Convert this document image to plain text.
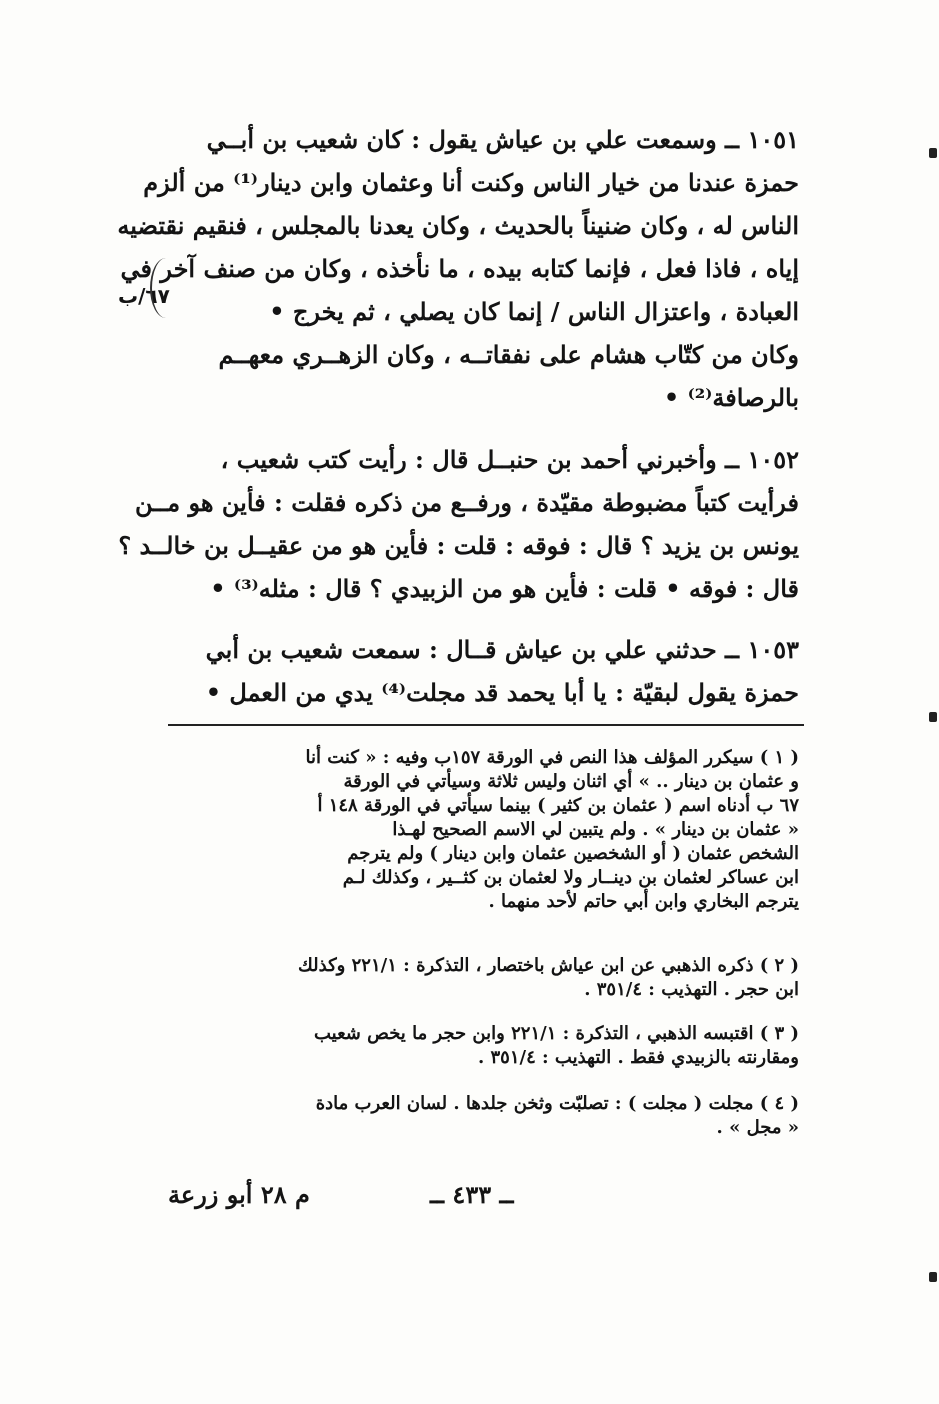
١٠٥١ ــ وسمعت علي بن عياش يقول : كان شعيب بن أبــي
حمزة عندنا من خيار الناس وكنت أنا وعثمان وابن دينار⁽¹⁾ من ألزم
الناس له ، وكان ضنيناً بالحديث ، وكان يعدنا بالمجلس ، فنقيم نقتضيه
إياه ، فاذا فعل ، فإنما كتابه بيده ، ما نأخذه ، وكان من صنف آخر في
العبادة ، واعتزال الناس / إنما كان يصلي ، ثم يخرج •
وكان من كتّاب هشام على نفقاتــه ، وكان الزهــري معهــم
بالرصافة⁽²⁾ •
٦٧/ب
١٠٥٢ ــ وأخبرني أحمد بن حنبــل قال : رأيت كتب شعيب ،
فرأيت كتباً مضبوطة مقيّدة ، ورفــع من ذكره فقلت : فأين هو مــن
يونس بن يزيد ؟ قال : فوقه : قلت : فأين هو من عقيــل بن خالــد ؟
قال : فوقه • قلت : فأين هو من الزبيدي ؟ قال : مثله⁽³⁾ •
١٠٥٣ ــ حدثني علي بن عياش قــال : سمعت شعيب بن أبي
حمزة يقول لبقيّة : يا أبا يحمد قد مجلت⁽⁴⁾ يدي من العمل •
( ١ ) سيكرر المؤلف هذا النص في الورقة ١٥٧ب وفيه : « كنت أنا
و عثمان بن دينار .. » أي اثنان وليس ثلاثة وسيأتي في الورقة
٦٧ ب أدناه اسم ( عثمان بن كثير ) بينما سيأتي في الورقة ١٤٨ أ
« عثمان بن دينار » . ولم يتبين لي الاسم الصحيح لهـذا
الشخص عثمان ( أو الشخصين عثمان وابن دينار ) ولم يترجم
ابن عساكر لعثمان بن دينــار ولا لعثمان بن كثــير ، وكذلك لـم
يترجم البخاري وابن أبي حاتم لأحد منهما .
( ٢ ) ذكره الذهبي عن ابن عياش باختصار ، التذكرة : ٢٢١/١ وكذلك
ابن حجر . التهذيب : ٣٥١/٤ .
( ٣ ) اقتبسه الذهبي ، التذكرة : ٢٢١/١ وابن حجر ما يخص شعيب
ومقارنته بالزبيدي فقط . التهذيب : ٣٥١/٤ .
( ٤ ) مجلت ( مجلت ) : تصلبّت وثخن جلدها . لسان العرب مادة
« مجل » .
ــ ٤٣٣ ــ
م ٢٨ أبو زرعة
